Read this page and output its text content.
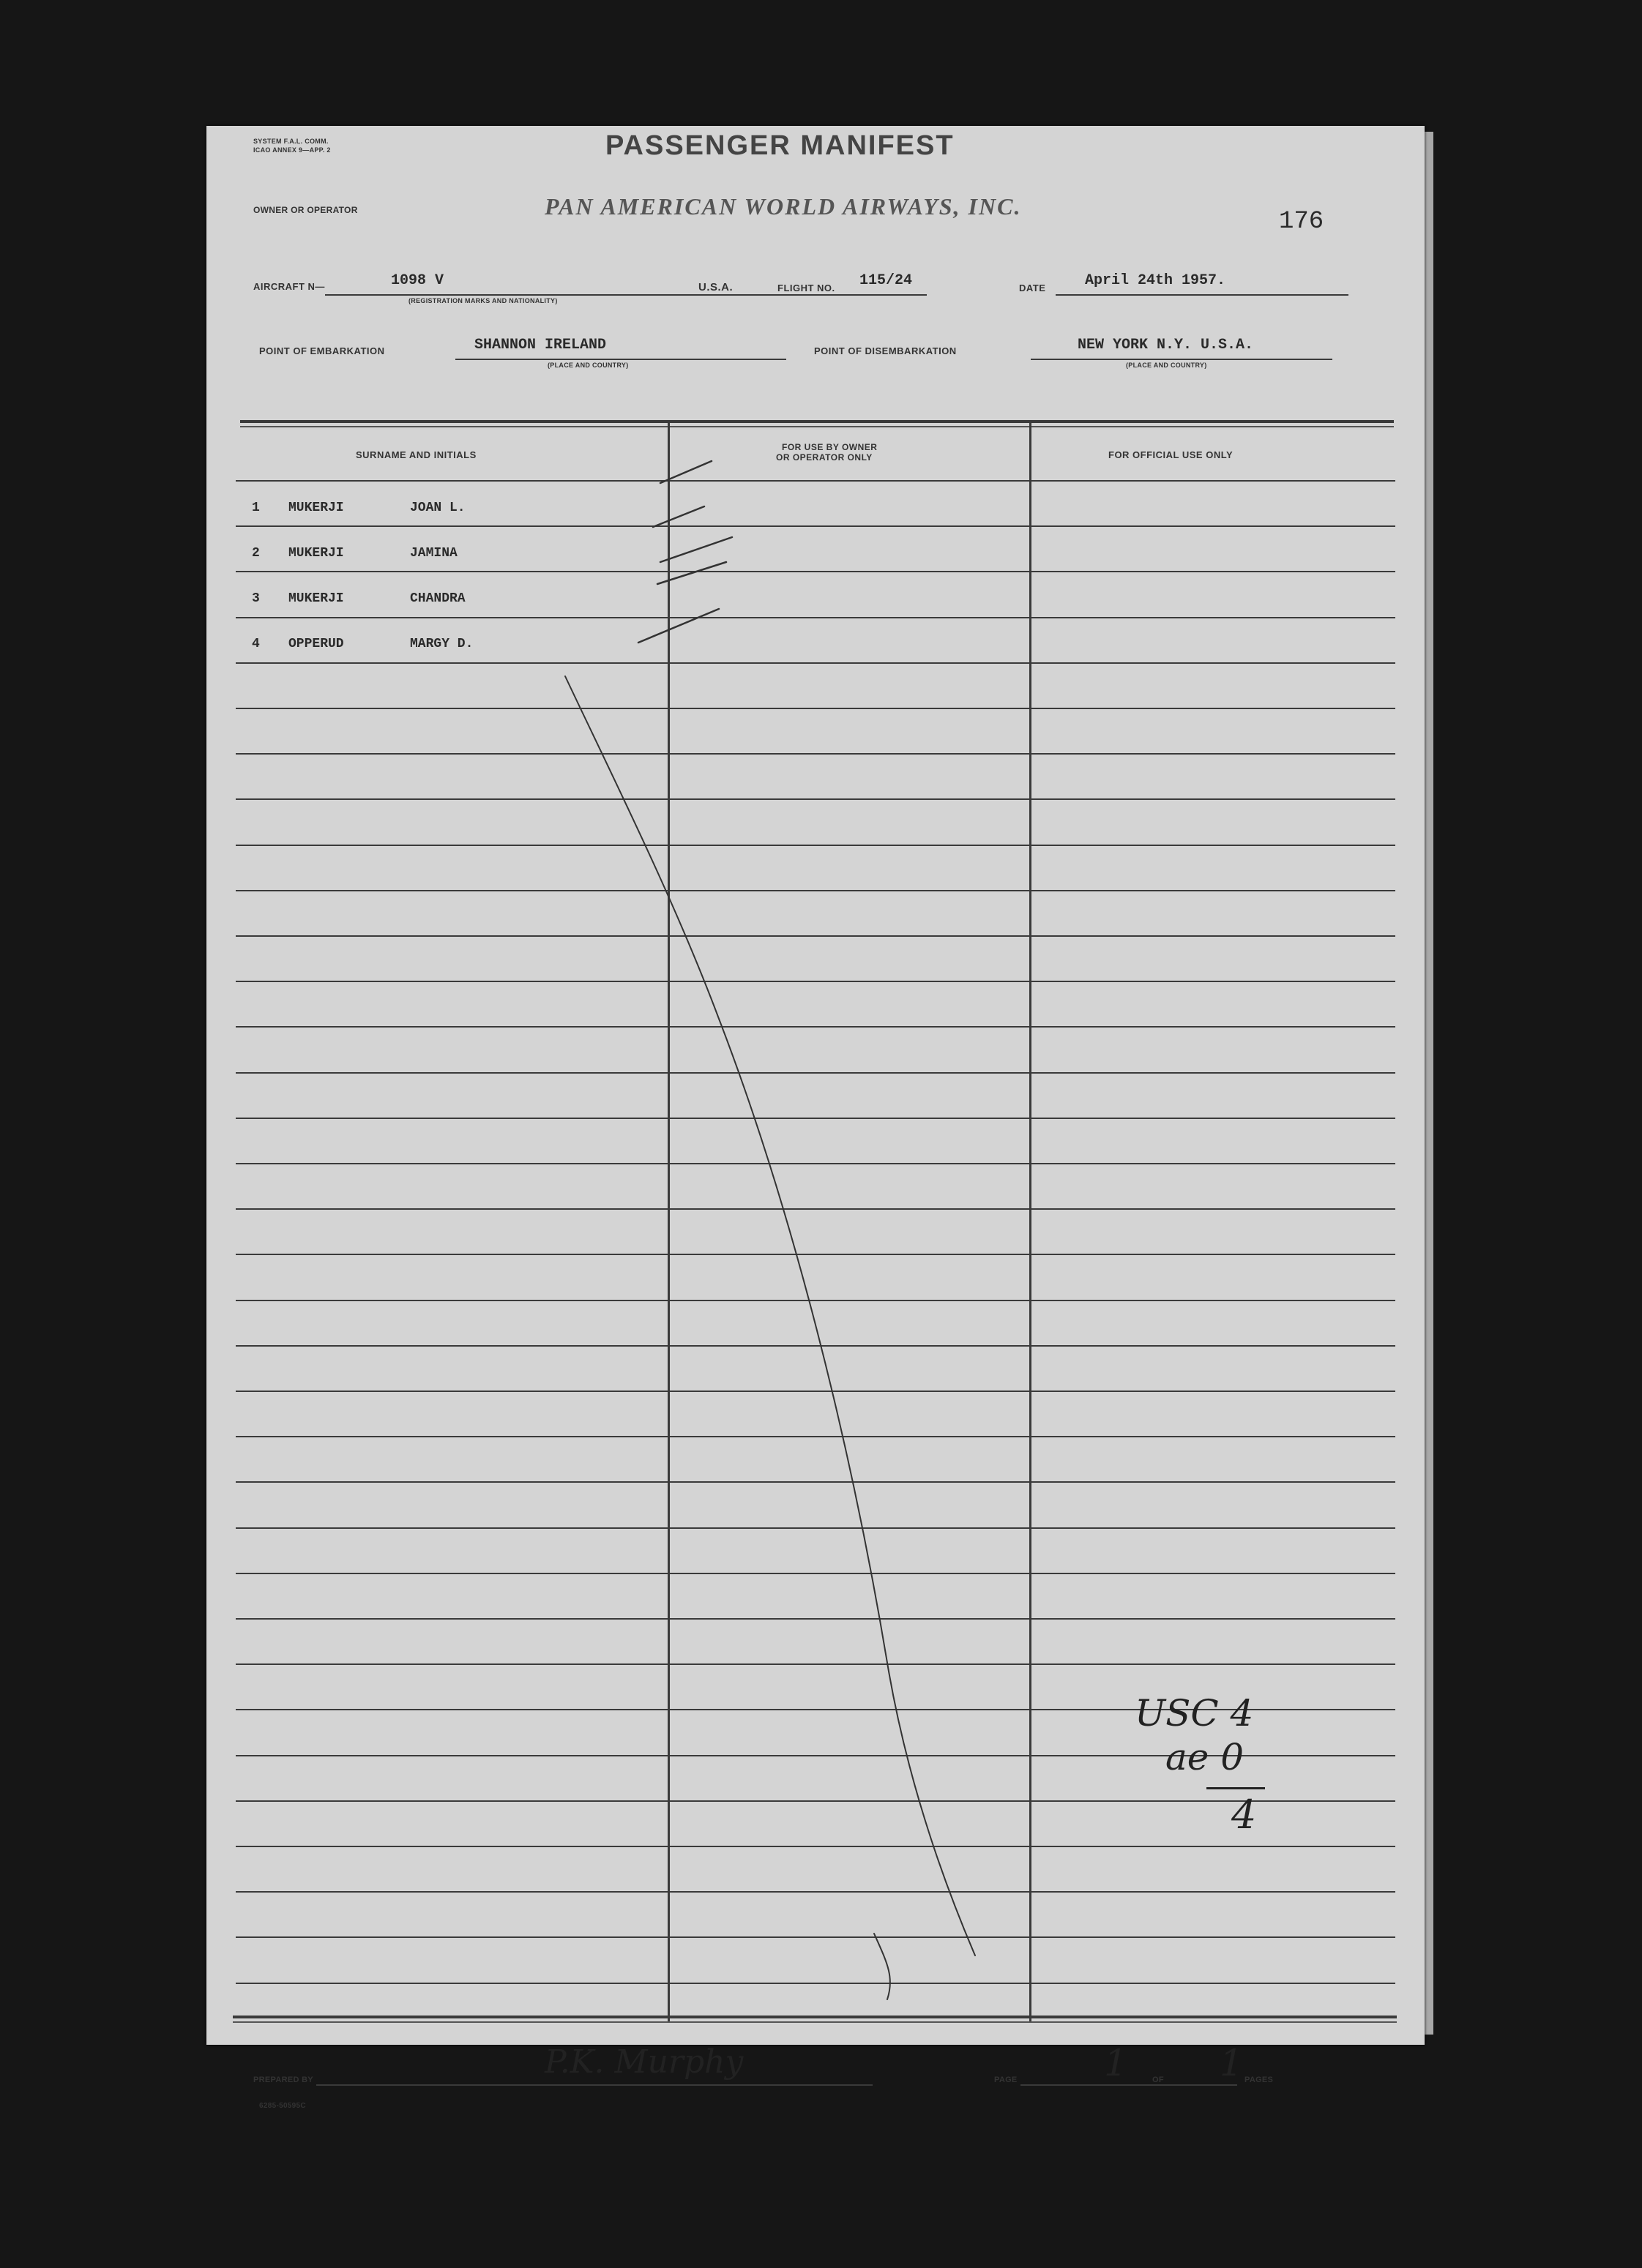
SYSTEM F.A.L. COMM.
ICAO ANNEX 9—APP. 2	PASSENGER MANIFEST
OWNER OR OPERATOR	PAN AMERICAN WORLD AIRWAYS, INC.
176
AIRCRAFT N—	1098 V
(REGISTRATION MARKS AND NATIONALITY)
U.S.A.	FLIGHT NO. 115/24	DATE	April 24th 1957.
POINT OF EMBARKATION	SHANNON IRELAND
(PLACE AND COUNTRY)
POINT OF DISEMBARKATION	NEW YORK N.Y. U.S.A.
(PLACE AND COUNTRY)
SURNAME AND INITIALS
FOR USE BY OWNER
OR OPERATOR ONLY	FOR OFFICIAL USE ONLY
1 MUKERJI	JOAN L.
2 MUKERJI	JAMINA
3 MUKERJI	CHANDRA
4 OPPERUD	MARGY D.
USC 4
ae 0
4
PREPARED BY	P.K. Murphy	PAGE 1	OF 1 PAGES
6285-50595C
